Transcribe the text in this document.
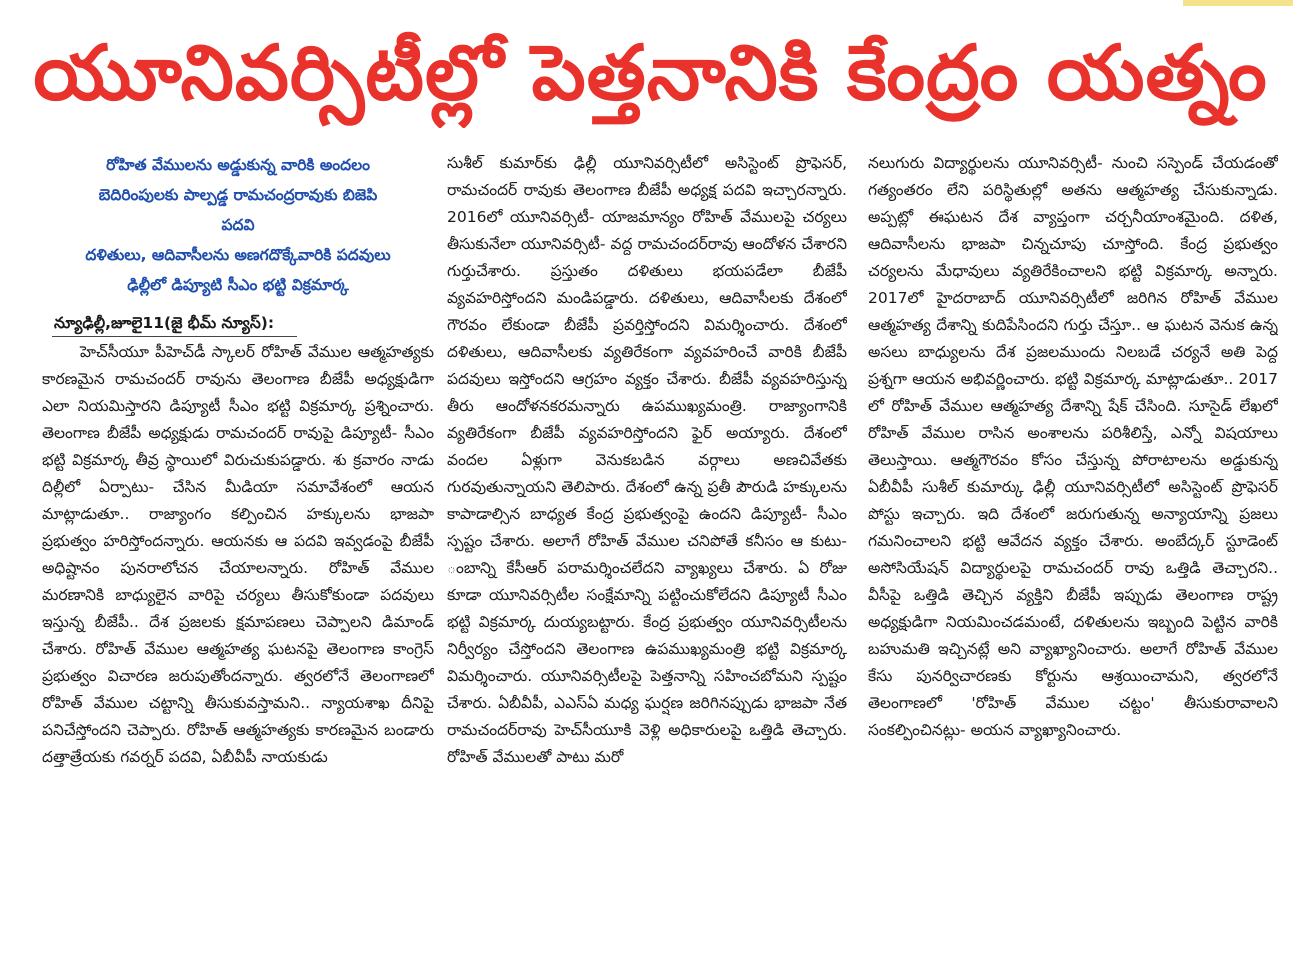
యూనివర్సిటీల్లో పెత్తనానికి కేంద్రం యత్నం
రోహిత వేములను అడ్డుకున్న వారికి అందలం
బెదిరింపులకు పాల్పడ్డ రామచంద్రరావుకు బిజెపి
పదవి
దళితులు, ఆదివాసీలను అణగదొక్కేవారికి పదవులు
ఢిల్లీలో డిప్యూటి సీఎం భట్టి విక్రమార్క
న్యూఢిల్లీ,జూలై11(జై భీమ్ న్యూస్):

హెచ్‌సీయూ పీహెచ్‌డీ స్కాలర్ రోహిత్ వేముల ఆత్మహత్యకు కారణమైన రామచందర్ రావును తెలంగాణ బీజేపీ అధ్యక్షుడిగా ఎలా నియమిస్తారని డిప్యూటీ సీఎం భట్టి విక్రమార్క ప్రశ్నించారు. తెలంగాణ బీజేపీ అధ్యక్షుడు రామచందర్ రావుపై డిప్యూటీ- సీఎం భట్టి విక్రమార్క తీవ్ర స్థాయిలో విరుచుకుపడ్డారు. శు క్రవారం నాడు దిల్లీలో ఏర్పాటు- చేసిన మీడియా సమావేశంలో ఆయన మాట్లాడుతూ.. రాజ్యాంగం కల్పించిన హక్కులను భాజపా ప్రభుత్వం హరిస్తోందన్నారు. ఆయనకు ఆ పదవి ఇవ్వడంపై బీజేపీ అధిష్టానం పునరాలోచన చేయాలన్నారు. రోహిత్ వేముల మరణానికి బాధ్యులైన వారిపై చర్యలు తీసుకోకుండా పదవులు ఇస్తున్న బీజేపీ.. దేశ ప్రజలకు క్షమాపణలు చెప్పాలని డిమాండ్ చేశారు. రోహిత్ వేముల ఆత్మహత్య ఘటనపై తెలంగాణ కాంగ్రెస్ ప్రభుత్వం విచారణ జరుపుతోందన్నారు. త్వరలోనే తెలంగాణలో రోహిత్ వేముల చట్టాన్ని తీసుకువస్తామని.. న్యాయశాఖ దీనిపై పనిచేస్తోందని చెప్పారు. రోహిత్ ఆత్మహత్యకు కారణమైన బండారు దత్తాత్రేయకు గవర్నర్ పదవి, ఏబీవీపీ నాయకుడు

సుశీల్ కుమార్‌కు ఢిల్లీ యూనివర్సిటీలో అసిస్టెంట్ ప్రొఫెసర్, రామచందర్ రావుకు తెలంగాణ బీజేపీ అధ్యక్ష పదవి ఇచ్చారన్నారు. 2016లో యూనివర్సిటీ- యాజమాన్యం రోహిత్ వేములపై చర్యలు తీసుకునేలా యూనివర్సిటీ- వద్ద రామచందర్‌రావు ఆందోళన చేశారని గుర్తుచేశారు. ప్రస్తుతం దళితులు భయపడేలా బీజేపీ వ్యవహరిస్తోందని మండిపడ్డారు. దళితులు, ఆదివాసీలకు దేశంలో గౌరవం లేకుండా బీజేపీ ప్రవర్తిస్తోందని విమర్శించారు. దేశంలో దళితులు, ఆదివాసీలకు వ్యతిరేకంగా వ్యవహరించే వారికి బీజేపీ పదవులు ఇస్తోందని ఆగ్రహం వ్యక్తం చేశారు. బీజేపీ వ్యవహరిస్తున్న తీరు ఆందోళనకరమన్నారు ఉపముఖ్యమంత్రి. రాజ్యాంగానికి వ్యతిరేకంగా బీజేపీ వ్యవహరిస్తోందని ఫైర్ అయ్యారు. దేశంలో వందల ఏళ్లుగా వెనుకబడిన వర్గాలు అణచివేతకు గురవుతున్నాయని తెలిపారు. దేశంలో ఉన్న ప్రతీ పౌరుడి హక్కులను కాపాడాల్సిన బాధ్యత కేంద్ర ప్రభుత్వంపై ఉందని డిప్యూటీ- సీఎం స్పష్టం చేశారు. అలాగే రోహిత్ వేముల చనిపోతే కనీసం ఆ కుటు- ంబాన్ని కేసీఆర్ పరామర్శించలేదని వ్యాఖ్యలు చేశారు. ఏ రోజు కూడా యూనివర్సిటీల సంక్షేమాన్ని పట్టించుకోలేదని డిప్యూటీ సీఎం భట్టి విక్రమార్క దుయ్యబట్టారు. కేంద్ర ప్రభుత్వం యూనివర్సిటీలను నిర్వీర్యం చేస్తోందని తెలంగాణ ఉపముఖ్యమంత్రి భట్టి విక్రమార్క విమర్శించారు. యూనివర్సిటీలపై పెత్తనాన్ని సహించబోమని స్పష్టం చేశారు. ఏబీవీపీ, ఎఎస్ఏ మధ్య ఘర్షణ జరిగినప్పుడు భాజపా నేత రామచందర్‌రావు హెచ్‌సీయూకి వెళ్లి అధికారులపై ఒత్తిడి తెచ్చారు. రోహిత్ వేములతో పాటు మరో

నలుగురు విద్యార్థులను యూనివర్సిటీ- నుంచి సస్పెండ్ చేయడంతో గత్యంతరం లేని పరిస్థితుల్లో అతను ఆత్మహత్య చేసుకున్నాడు. అప్పట్లో ఈఘటన దేశ వ్యాప్తంగా చర్చనీయాంశమైంది. దళిత, ఆదివాసీలను భాజపా చిన్నచూపు చూస్తోంది. కేంద్ర ప్రభుత్వం చర్యలను మేధావులు వ్యతిరేకించాలని భట్టి విక్రమార్క అన్నారు. 2017లో హైదరాబాద్ యూనివర్సిటీలో జరిగిన రోహిత్ వేముల ఆత్మహత్య దేశాన్ని కుదిపేసిందని గుర్తు చేస్తూ.. ఆ ఘటన వెనుక ఉన్న అసలు బాధ్యులను దేశ ప్రజలముందు నిలబడే చర్యనే అతి పెద్ద ప్రశ్నగా ఆయన అభివర్ణించారు. భట్టి విక్రమార్క మాట్లాడుతూ.. 2017 లో రోహిత్ వేముల ఆత్మహత్య దేశాన్ని షేక్ చేసింది. సూసైడ్ లేఖలో రోహిత్ వేముల రాసిన అంశాలను పరిశీలిస్తే, ఎన్నో విషయాలు తెలుస్తాయి. ఆత్మగౌరవం కోసం చేస్తున్న పోరాటాలను అడ్డుకున్న ఏబీవీపీ సుశీల్ కుమార్కు ఢిల్లీ యూనివర్సిటీలో అసిస్టెంట్ ప్రొఫెసర్ పోస్టు ఇచ్చారు. ఇది దేశంలో జరుగుతున్న అన్యాయాన్ని ప్రజలు గమనించాలని భట్టి ఆవేదన వ్యక్తం చేశారు. అంబేద్కర్ స్టూడెంట్ అసోసియేషన్ విద్యార్థులపై రామచందర్ రావు ఒత్తిడి తెచ్చారని.. వీసీపై ఒత్తిడి తెచ్చిన వ్యక్తిని బీజేపీ ఇప్పుడు తెలంగాణ రాష్ట్ర అధ్యక్షుడిగా నియమించడమంటే, దళితులను ఇబ్బంది పెట్టిన వారికి బహుమతి ఇచ్చినట్లే అని వ్యాఖ్యానించారు. అలాగే రోహిత్ వేముల కేసు పునర్విచారణకు కోర్టును ఆశ్రయించామని, త్వరలోనే తెలంగాణలో 'రోహిత్ వేముల చట్టం' తీసుకురావాలని సంకల్పించినట్లు- అయన వ్యాఖ్యానించారు.
